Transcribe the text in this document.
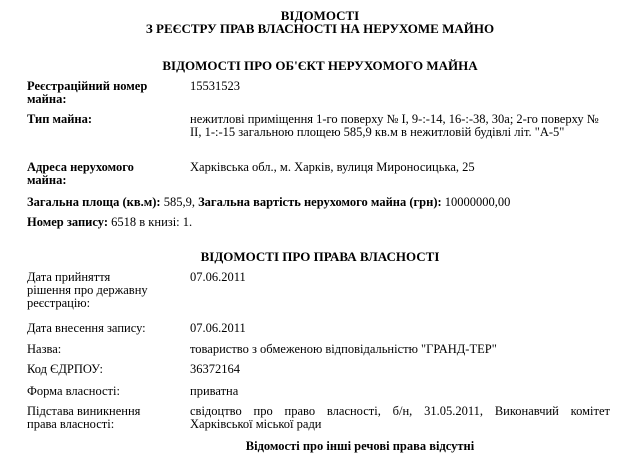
ВІДОМОСТІ
З РЕЄСТРУ ПРАВ ВЛАСНОСТІ НА НЕРУХОМЕ МАЙНО
ВІДОМОСТІ ПРО ОБ'ЄКТ НЕРУХОМОГО МАЙНА
Реєстраційний номер майна:
15531523
Тип майна:	нежитлові приміщення 1-го поверху № І, 9-:-14, 16-:-38, 30а; 2-го поверху № ІІ, 1-:-15 загальною площею 585,9 кв.м в нежитловій будівлі літ. "А-5"
Адреса нерухомого майна:
Харківська обл., м. Харків, вулиця Мироносицька, 25
Загальна площа (кв.м): 585,9, Загальна вартість нерухомого майна (грн): 10000000,00
Номер запису: 6518 в книзі: 1.
ВІДОМОСТІ ПРО ПРАВА ВЛАСНОСТІ
Дата прийняття рішення про державну реєстрацію:
07.06.2011
Дата внесення запису:	07.06.2011
Назва:	товариство з обмеженою відповідальністю "ГРАНД-ТЕР"
Код ЄДРПОУ:	36372164
Форма власності:	приватна
Підстава виникнення права власності:
свідоцтво про право власності, б/н, 31.05.2011, Виконавчий комітет Харківської міської ради
Відомості про інші речові права відсутні
